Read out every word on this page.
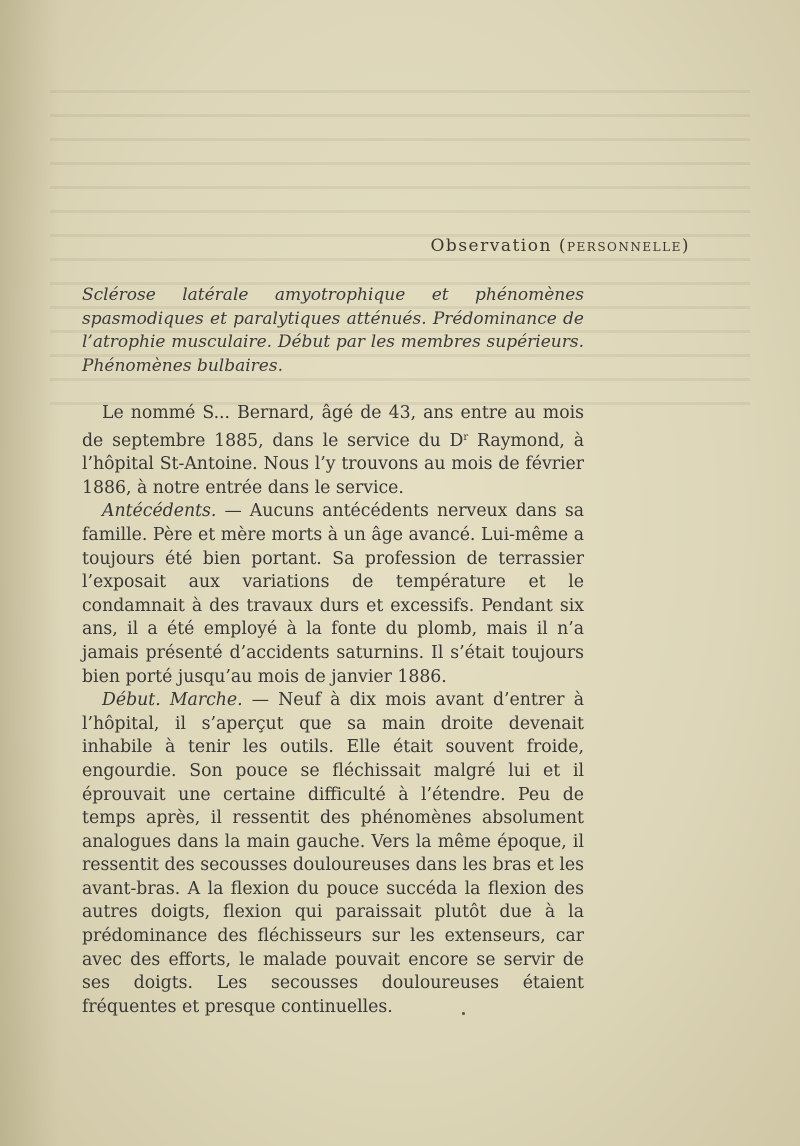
Observation (personnelle)
Sclérose latérale amyotrophique et phénomènes spasmodiques et paralytiques atténués. Prédominance de l’atrophie musculaire. Début par les membres supérieurs. Phénomènes bulbaires.

Le nommé S... Bernard, âgé de 43, ans entre au mois de septembre 1885, dans le service du $D^r$ Raymond, à l’hôpital St-Antoine. Nous l’y trouvons au mois de février 1886, à notre entrée dans le service.

Antécédents. — Aucuns antécédents nerveux dans sa famille. Père et mère morts à un âge avancé. Lui-même a toujours été bien portant. Sa profession de terrassier l’exposait aux variations de température et le condamnait à des travaux durs et excessifs. Pendant six ans, il a été employé à la fonte du plomb, mais il n’a jamais présenté d’accidents saturnins. Il s’était toujours bien porté jusqu’au mois de janvier 1886.

Début. Marche. — Neuf à dix mois avant d’entrer à l’hôpital, il s’aperçut que sa main droite devenait inhabile à tenir les outils. Elle était souvent froide, engourdie. Son pouce se fléchissait malgré lui et il éprouvait une certaine difficulté à l’étendre. Peu de temps après, il ressentit des phénomènes absolument analogues dans la main gauche. Vers la même époque, il ressentit des secousses douloureuses dans les bras et les avant-bras. A la flexion du pouce succéda la flexion des autres doigts, flexion qui paraissait plutôt due à la prédominance des fléchisseurs sur les extenseurs, car avec des efforts, le malade pouvait encore se servir de ses doigts. Les secousses douloureuses étaient fréquentes et presque continuelles.
